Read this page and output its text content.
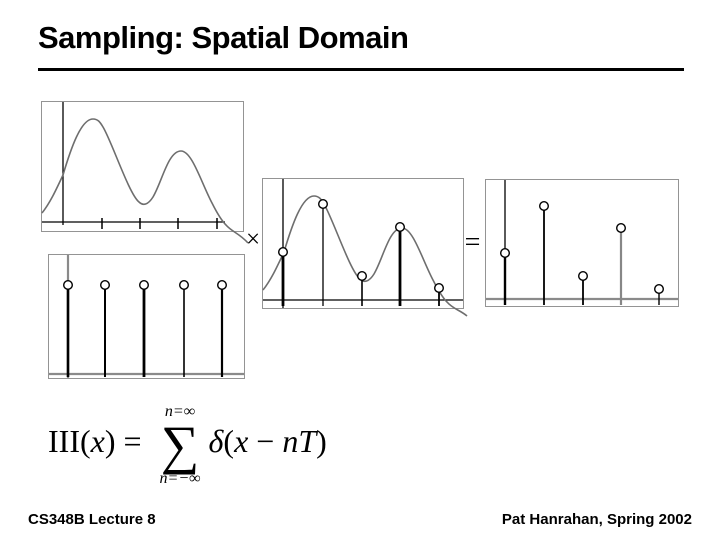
Sampling: Spatial Domain
×	=
III(x) =
n=∞
∑
n=−∞
δ(x − nT)
CS348B Lecture 8	Pat Hanrahan, Spring 2002
